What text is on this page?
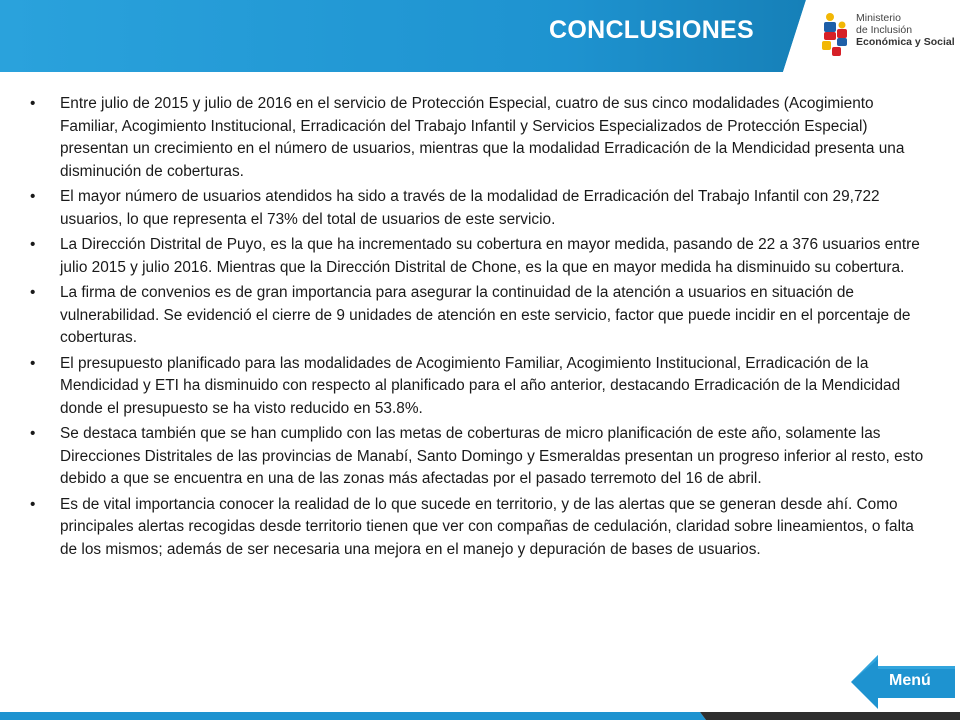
CONCLUSIONES	Ministerio
de Inclusión
Económica y Social
• Entre julio de 2015 y julio de 2016 en el servicio de Protección Especial, cuatro de sus cinco modalidades (Acogimiento Familiar, Acogimiento Institucional, Erradicación del Trabajo Infantil y Servicios Especializados de Protección Especial) presentan un crecimiento en el número de usuarios, mientras que la modalidad Erradicación de la Mendicidad presenta una disminución de coberturas.
• El mayor número de usuarios atendidos ha sido a través de la modalidad de Erradicación del Trabajo Infantil con 29,722 usuarios, lo que representa el 73% del total de usuarios de este servicio.
• La Dirección Distrital de Puyo, es la que ha incrementado su cobertura en mayor medida, pasando de 22 a 376 usuarios entre julio 2015 y julio 2016. Mientras que la Dirección Distrital de Chone, es la que en mayor medida ha disminuido su cobertura.
• La firma de convenios es de gran importancia para asegurar la continuidad de la atención a usuarios en situación de vulnerabilidad. Se evidenció el cierre de 9 unidades de atención en este servicio, factor que puede incidir en el porcentaje de coberturas.
• El presupuesto planificado para las modalidades de Acogimiento Familiar, Acogimiento Institucional, Erradicación de la Mendicidad y ETI ha disminuido con respecto al planificado para el año anterior, destacando Erradicación de la Mendicidad donde el presupuesto se ha visto reducido en 53.8%.
• Se destaca también que se han cumplido con las metas de coberturas de micro planificación de este año, solamente las Direcciones Distritales de las provincias de Manabí, Santo Domingo y Esmeraldas presentan un progreso inferior al resto, esto debido a que se encuentra en una de las zonas más afectadas por el pasado terremoto del 16 de abril.
• Es de vital importancia conocer la realidad de lo que sucede en territorio, y de las alertas que se generan desde ahí. Como principales alertas recogidas desde territorio tienen que ver con compañas de cedulación, claridad sobre lineamientos, o falta de los mismos; además de ser necesaria una mejora en el manejo y depuración de bases de usuarios.
Menú
